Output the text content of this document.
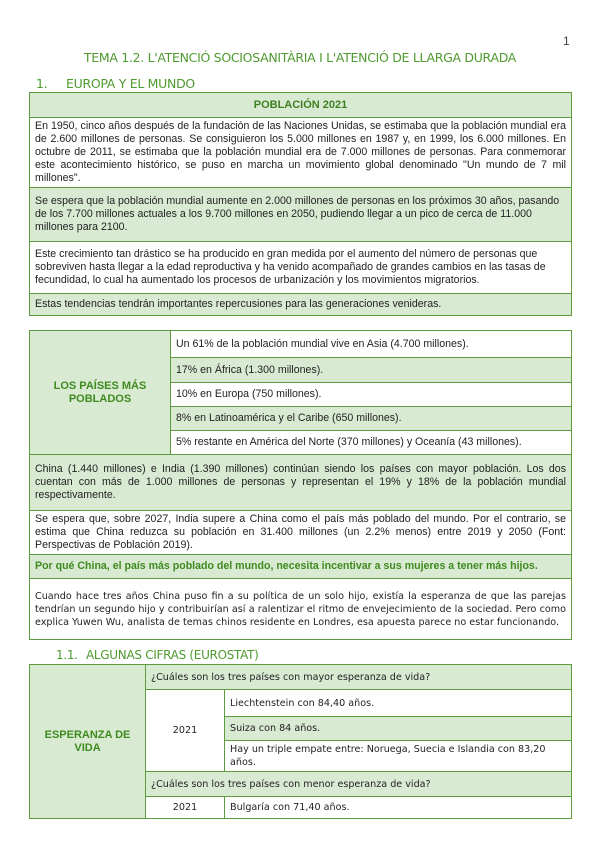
1
TEMA 1.2. L'ATENCIÓ SOCIOSANITÀRIA I L'ATENCIÓ DE LLARGA DURADA
1. EUROPA Y EL MUNDO
POBLACIÓN 2021
En 1950, cinco años después de la fundación de las Naciones Unidas, se estimaba que la población mundial era de 2.600 millones de personas. Se consiguieron los 5.000 millones en 1987 y, en 1999, los 6.000 millones. En octubre de 2011, se estimaba que la población mundial era de 7.000 millones de personas. Para conmemorar este acontecimiento histórico, se puso en marcha un movimiento global denominado "Un mundo de 7 mil millones".
Se espera que la población mundial aumente en 2.000 millones de personas en los próximos 30 años, pasando de los 7.700 millones actuales a los 9.700 millones en 2050, pudiendo llegar a un pico de cerca de 11.000 millones para 2100.
Este crecimiento tan drástico se ha producido en gran medida por el aumento del número de personas que sobreviven hasta llegar a la edad reproductiva y ha venido acompañado de grandes cambios en las tasas de fecundidad, lo cual ha aumentado los procesos de urbanización y los movimientos migratorios.
Estas tendencias tendrán importantes repercusiones para las generaciones venideras.
LOS PAÍSES MÁS POBLADOS	Un 61% de la población mundial vive en Asia (4.700 millones).
17% en África (1.300 millones).
10% en Europa (750 millones).
8% en Latinoamérica y el Caribe (650 millones).
5% restante en América del Norte (370 millones) y Oceanía (43 millones).
China (1.440 millones) e India (1.390 millones) continúan siendo los países con mayor población. Los dos cuentan con más de 1.000 millones de personas y representan el 19% y 18% de la población mundial respectivamente.
Se espera que, sobre 2027, India supere a China como el país más poblado del mundo. Por el contrario, se estima que China reduzca su población en 31.400 millones (un 2.2% menos) entre 2019 y 2050 (Font: Perspectivas de Población 2019).
Por qué China, el país más poblado del mundo, necesita incentivar a sus mujeres a tener más hijos.
Cuando hace tres años China puso fin a su política de un solo hijo, existía la esperanza de que las parejas tendrían un segundo hijo y contribuirían así a ralentizar el ritmo de envejecimiento de la sociedad. Pero como explica Yuwen Wu, analista de temas chinos residente en Londres, esa apuesta parece no estar funcionando.
1.1. ALGUNAS CIFRAS (EUROSTAT)
ESPERANZA DE VIDA	¿Cuáles son los tres países con mayor esperanza de vida?	
	2021	Liechtenstein con 84,40 años.
		Suiza con 84 años.
		Hay un triple empate entre: Noruega, Suecia e Islandia con 83,20 años.
	¿Cuáles son los tres países con menor esperanza de vida?	
	2021	Bulgaría con 71,40 años.
